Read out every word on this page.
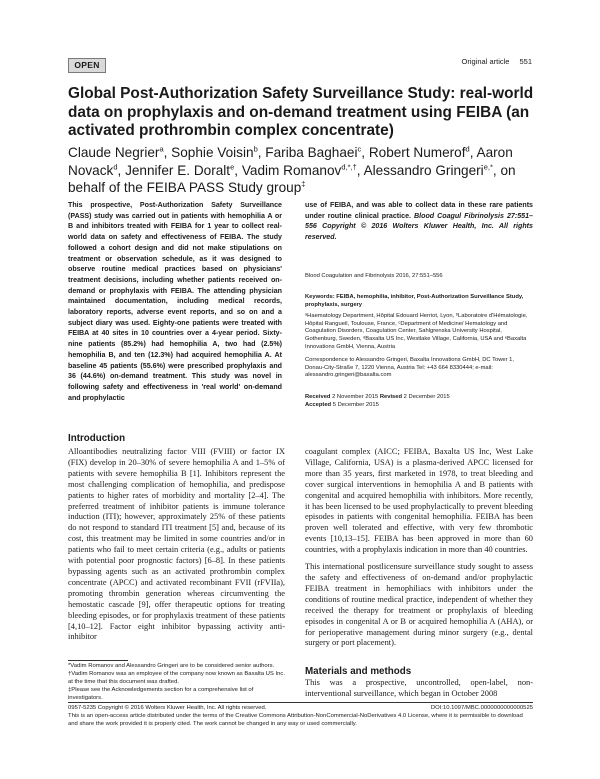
OPEN	Original article 551
Global Post-Authorization Safety Surveillance Study: real-world data on prophylaxis and on-demand treatment using FEIBA (an activated prothrombin complex concentrate)
Claude Negrier$^a$, Sophie Voisin$^b$, Fariba Baghaei$^c$, Robert Numerof$^d$, Aaron Novack$^d$, Jennifer E. Doralt$^e$, Vadim Romanov$^{d,*,\dagger}$, Alessandro Gringeri$^{e,*}$, on behalf of the FEIBA PASS Study group‡

This prospective, Post-Authorization Safety Surveillance (PASS) study was carried out in patients with hemophilia A or B and inhibitors treated with FEIBA for 1 year to collect real-world data on safety and effectiveness of FEIBA. The study followed a cohort design and did not make stipulations on treatment or observation schedule, as it was designed to observe routine medical practices based on physicians' treatment decisions, including whether patients received on-demand or prophylaxis with FEIBA. The attending physician maintained documentation, including medical records, laboratory reports, adverse event reports, and so on and a subject diary was used. Eighty-one patients were treated with FEIBA at 40 sites in 10 countries over a 4-year period. Sixty-nine patients (85.2%) had hemophilia A, two had (2.5%) hemophilia B, and ten (12.3%) had acquired hemophilia A. At baseline 45 patients (55.6%) were prescribed prophylaxis and 36 (44.6%) on-demand treatment. This study was novel in following safety and effectiveness in 'real world' on-demand and prophylactic

use of FEIBA, and was able to collect data in these rare patients under routine clinical practice. Blood Coagul Fibrinolysis 27:551–556 Copyright © 2016 Wolters Kluwer Health, Inc. All rights reserved.

Blood Coagulation and Fibrinolysis 2016, 27:551–556
Keywords: FEIBA, hemophilia, inhibitor, Post-Authorization Surveillance Study, prophylaxis, surgery
ᵃHaematology Department, Hôpital Edouard Herriot, Lyon, ᵇLaboratoire d'Hématologie, Hôpital Rangueil, Toulouse, France, ᶜDepartment of Medicine/ Hematology and Coagulation Disorders, Coagulation Center, Sahlgrenska University Hospital, Gothenburg, Sweden, ᵈBaxalta US Inc, Westlake Village, California, USA and ᵉBaxalta Innovations GmbH, Vienna, Austria
Correspondence to Alessandro Gringeri, Baxalta Innovations GmbH, DC Tower 1, Donau-City-Straße 7, 1220 Vienna, Austria Tel: +43 664 8330444; e-mail: alessandro.gringeri@baxalta.com
Received 2 November 2015 Revised 2 December 2015
Accepted 5 December 2015
Introduction

Alloantibodies neutralizing factor VIII (FVIII) or factor IX (FIX) develop in 20–30% of severe hemophilia A and 1–5% of patients with severe hemophilia B [1]. Inhibitors represent the most challenging complication of hemophilia, and predispose patients to higher rates of morbidity and mortality [2–4]. The preferred treatment of inhibitor patients is immune tolerance induction (ITI); however, approximately 25% of these patients do not respond to standard ITI treatment [5] and, because of its cost, this treatment may be limited in some countries and/or in patients who fail to meet certain criteria (e.g., adults or patients with potential poor prognostic factors) [6–8]. In these patients bypassing agents such as an activated prothrombin complex concentrate (APCC) and activated recombinant FVII (rFVIIa), promoting thrombin generation whereas circumventing the hemostatic cascade [9], offer therapeutic options for treating bleeding episodes, or for prophylaxis treatment of these patients [4,10–12]. Factor eight inhibitor bypassing activity anti-inhibitor

coagulant complex (AICC; FEIBA, Baxalta US Inc, West Lake Village, California, USA) is a plasma-derived APCC licensed for more than 35 years, first marketed in 1978, to treat bleeding and cover surgical interventions in hemophilia A and B patients with congenital and acquired hemophilia with inhibitors. More recently, it has been licensed to be used prophylactically to prevent bleeding episodes in patients with congenital hemophilia. FEIBA has been proven well tolerated and effective, with very few thrombotic events [10,13–15]. FEIBA has been approved in more than 60 countries, with a prophylaxis indication in more than 40 countries.

This international postlicensure surveillance study sought to assess the safety and effectiveness of on-demand and/or prophylactic FEIBA treatment in hemophiliacs with inhibitors under the conditions of routine medical practice, independent of whether they received the therapy for treatment or prophylaxis of bleeding episodes in congenital A or B or acquired hemophilia A (AHA), or for perioperative management during minor surgery (e.g., dental surgery or port placement).

Materials and methods
This was a prospective, uncontrolled, open-label, non-interventional surveillance, which began in October 2008

*Vadim Romanov and Alessandro Gringeri are to be considered senior authors.

†Vadim Romanov was an employee of the company now known as Baxalta US Inc. at the time that this document was drafted.

‡Please see the Acknowledgements section for a comprehensive list of investigators.

0957-5235 Copyright © 2016 Wolters Kluwer Health, Inc. All rights reserved.	DOI:10.1097/MBC.0000000000000525
This is an open-access article distributed under the terms of the Creative Commons Attribution-NonCommercial-NoDerivatives 4.0 License, where it is permissible to download and share the work provided it is properly cited. The work cannot be changed in any way or used commercially.
